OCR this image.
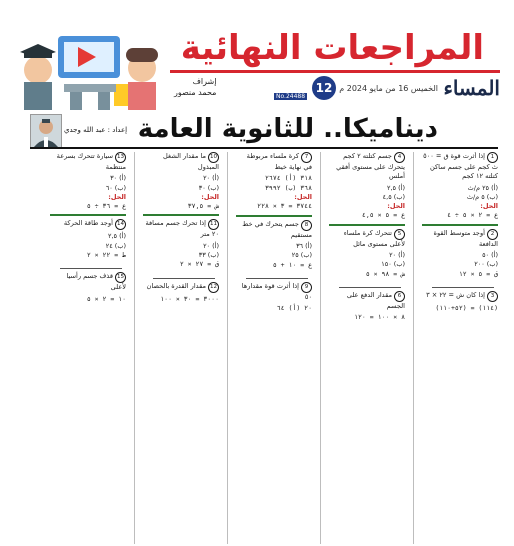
المراجعات النهائية
المساء
الخميس 16 من مايو 2024 م
12
No.24488
إشراف
محمد منصور
إعداد : عبد الله وجدي ديناميكا.. للثانوية العامة
1إذا أثرت قوة ق = ٥٠٠ ث كجم على جسم ساكن كتلته ١٢ كجم
(أ) ٢٥ م/ث
(ب) ٥ م/ث
الحل:
ع = ٢ × ٥ ÷ ٤
2أوجد متوسط القوة الدافعة
(أ) ٥٠
(ب) ٢٠٠
ق = ٥ × ١٢
3إذا كان ش = ٢٢ × ٣
(١١٤) = (٥٢+١١٠)
4جسم كتلته ٢ كجم يتحرك على مستوى أفقي أملس
(أ) ٢,٥
(ب) ٤,٥
الحل:
ع = ٥ × ٤,٥
5تتحرك كرة ملساء لأعلى مستوى مائل
(أ) ٢٠
(ب) ١٥٠
ش = ٩٨ × ٥
6مقدار الدفع على الجسم
٨ × ١٠٠ = ١٢٠
7كرة ملساء مربوطة في نهاية خيط
٣١٨ (أ) ٢٦٧٤
٣٦٨ (ب) ٣٩٩٢
الحل:
٣٧٤٤ = ٣ × ٢٢٨
8جسم يتحرك في خط مستقيم
(أ) ٣٦
(ب) ٢٥
ع = ١٠ + ٥
9إذا أثرت قوة مقدارها ٥٠
٢٠ (أ) ٦٤
10ما مقدار الشغل المبذول
(أ) ٢٠
(ب) ٣٠
الحل:
ش = ٣٧,٥
11إذا تحرك جسم مسافة ٢٠ متر
(أ) ٢٠
(ب) ٣٣
ق = ٢٧ × ٢
12مقدار القدرة بالحصان
٣٠٠٠ = ٣٠ × ١٠٠
13سيارة تتحرك بسرعة منتظمة
(أ) ٣٠
(ب) ٦٠
الحل:
ع = ٣٦ ÷ ٥
14أوجد طاقة الحركة
(أ) ٢,٥
(ب) ٢٤
ط = ٢٢ × ٢
15قذف جسم رأسيا لأعلى
١٠ = ٢ × ٥
